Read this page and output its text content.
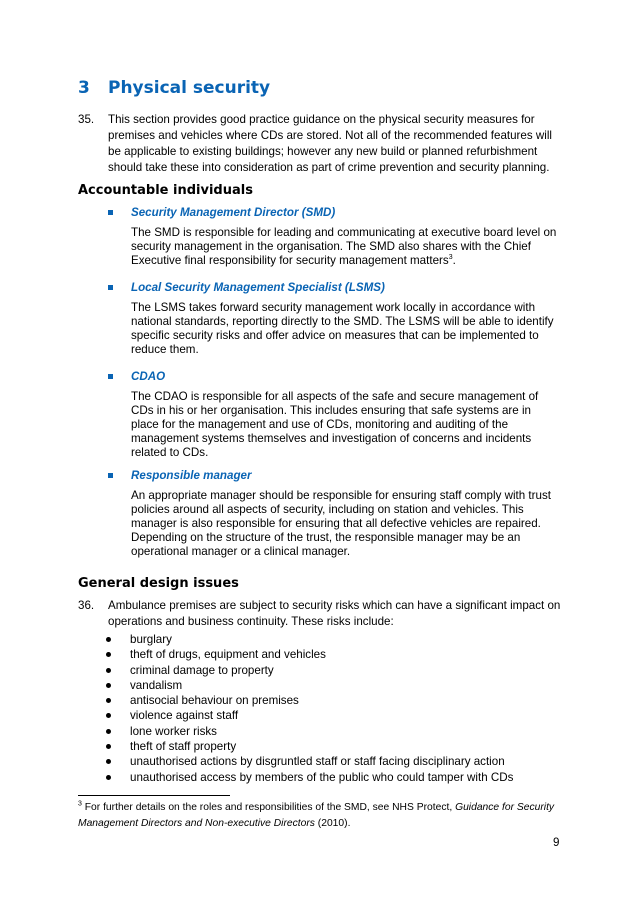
3 Physical security

35. This section provides good practice guidance on the physical security measures for premises and vehicles where CDs are stored. Not all of the recommended features will be applicable to existing buildings; however any new build or planned refurbishment should take these into consideration as part of crime prevention and security planning.

Accountable individuals

Security Management Director (SMD)

The SMD is responsible for leading and communicating at executive board level on security management in the organisation. The SMD also shares with the Chief Executive final responsibility for security management matters$^3$.

Local Security Management Specialist (LSMS)

The LSMS takes forward security management work locally in accordance with national standards, reporting directly to the SMD. The LSMS will be able to identify specific security risks and offer advice on measures that can be implemented to reduce them.

CDAO

The CDAO is responsible for all aspects of the safe and secure management of CDs in his or her organisation. This includes ensuring that safe systems are in place for the management and use of CDs, monitoring and auditing of the management systems themselves and investigation of concerns and incidents related to CDs.

Responsible manager

An appropriate manager should be responsible for ensuring staff comply with trust policies around all aspects of security, including on station and vehicles. This manager is also responsible for ensuring that all defective vehicles are repaired. Depending on the structure of the trust, the responsible manager may be an operational manager or a clinical manager.

General design issues

36. Ambulance premises are subject to security risks which can have a significant impact on operations and business continuity. These risks include:

burglary
theft of drugs, equipment and vehicles
criminal damage to property
vandalism
antisocial behaviour on premises
violence against staff
lone worker risks
theft of staff property
unauthorised actions by disgruntled staff or staff facing disciplinary action
unauthorised access by members of the public who could tamper with CDs

$^3$ For further details on the roles and responsibilities of the SMD, see NHS Protect, Guidance for Security Management Directors and Non-executive Directors (2010).

9
